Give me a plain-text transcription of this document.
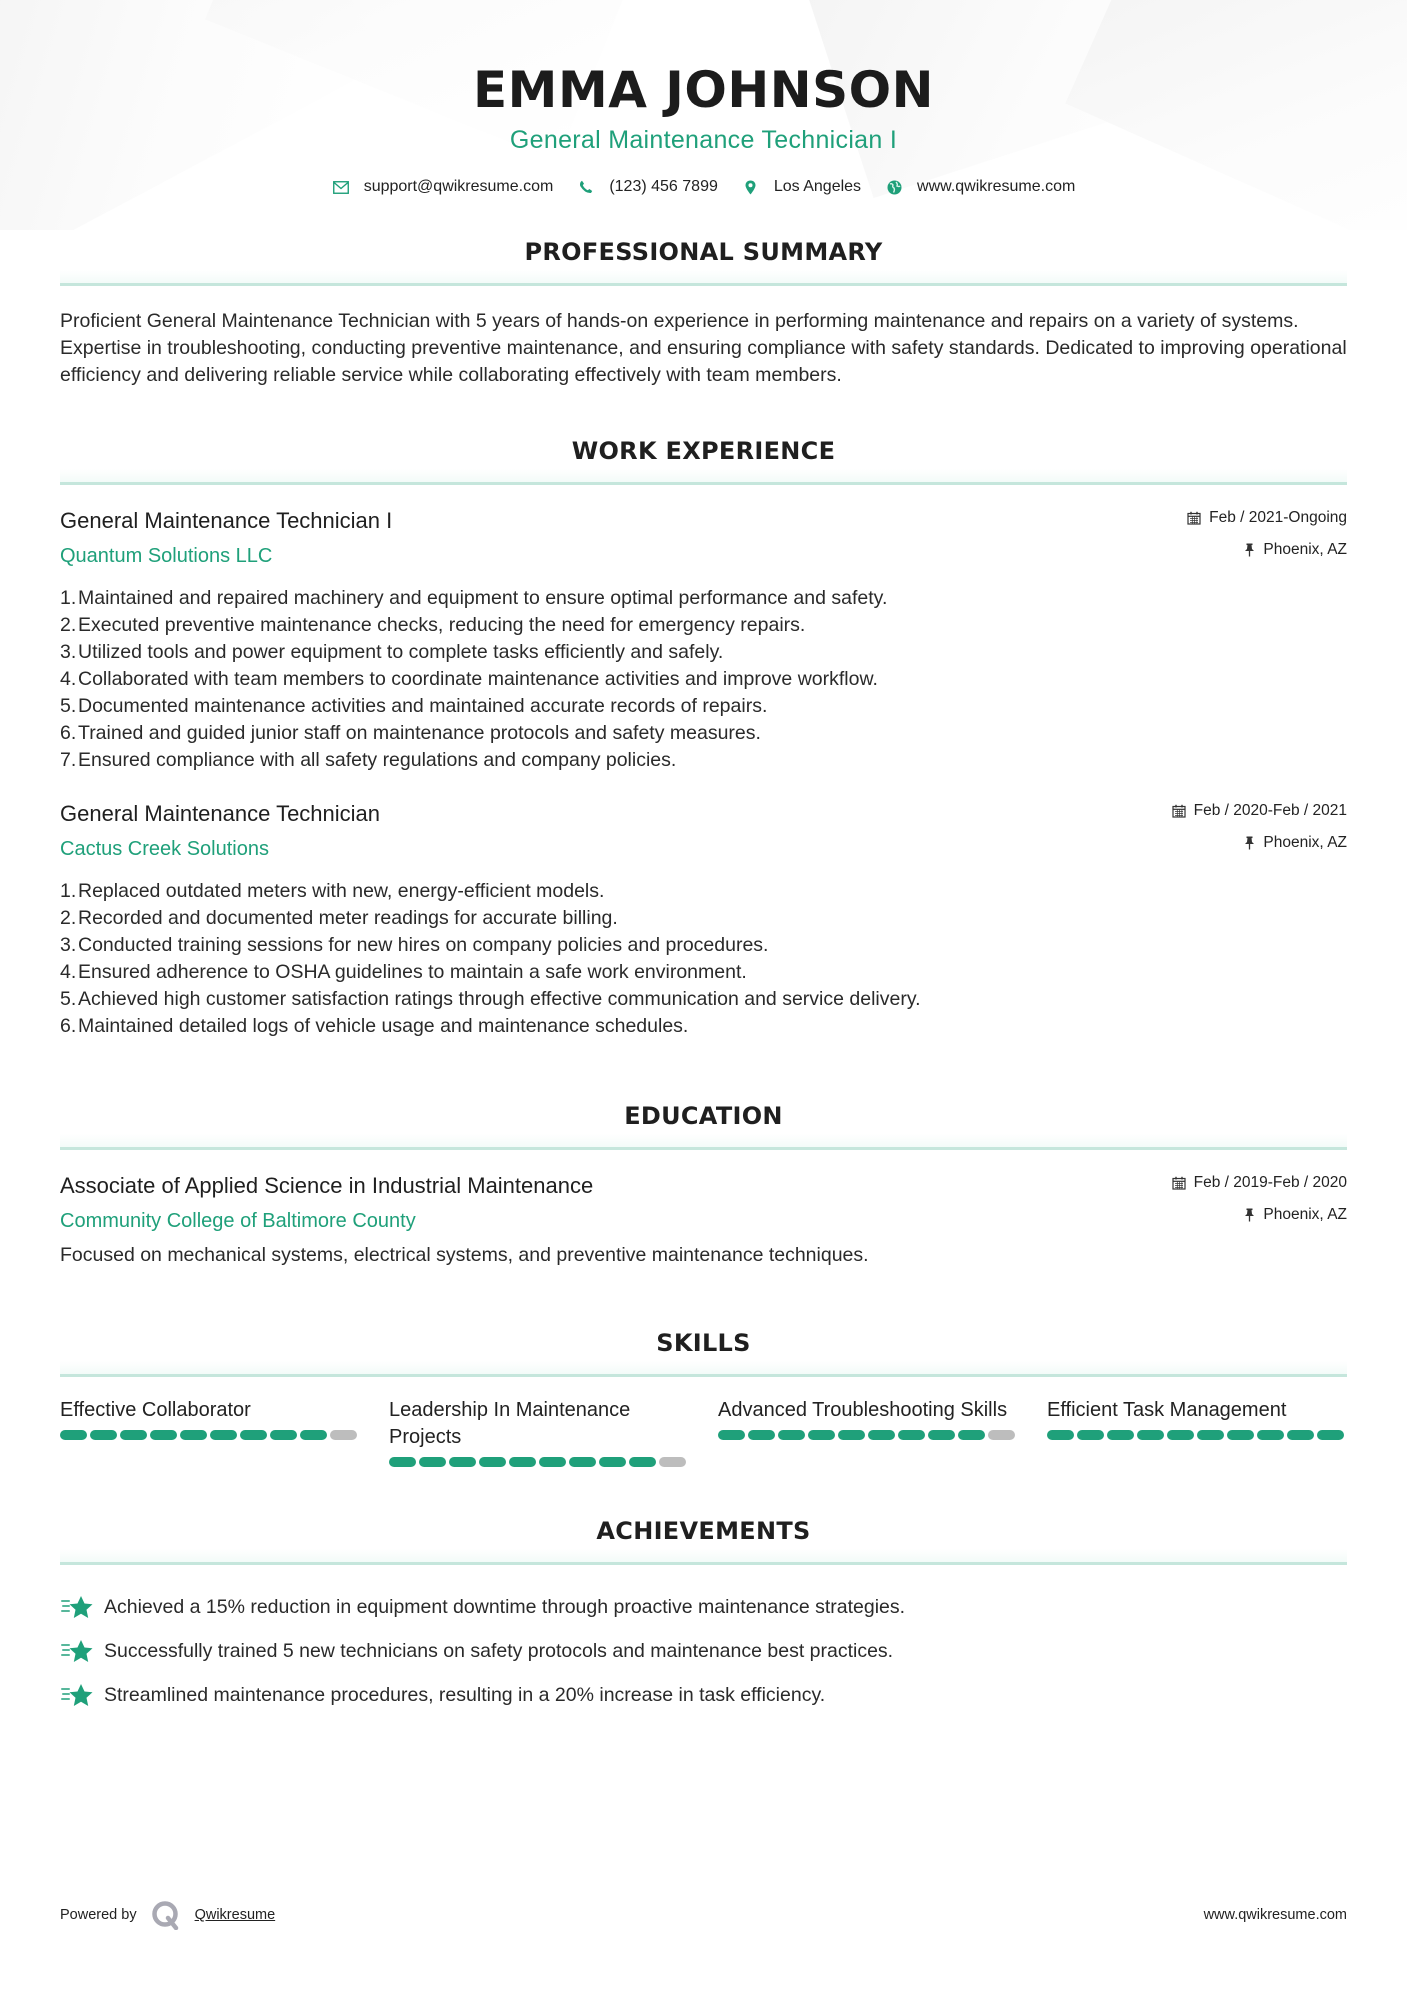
EMMA JOHNSON
General Maintenance Technician I
support@qwikresume.com	(123) 456 7899	Los Angeles	www.qwikresume.com
PROFESSIONAL SUMMARY

Proficient General Maintenance Technician with 5 years of hands-on experience in performing maintenance and repairs on a variety of systems. Expertise in troubleshooting, conducting preventive maintenance, and ensuring compliance with safety standards. Dedicated to improving operational efficiency and delivering reliable service while collaborating effectively with team members.

WORK EXPERIENCE
General Maintenance Technician I
Quantum Solutions LLC
Feb / 2021-Ongoing
Phoenix, AZ
1. Maintained and repaired machinery and equipment to ensure optimal performance and safety.
2. Executed preventive maintenance checks, reducing the need for emergency repairs.
3. Utilized tools and power equipment to complete tasks efficiently and safely.
4. Collaborated with team members to coordinate maintenance activities and improve workflow.
5. Documented maintenance activities and maintained accurate records of repairs.
6. Trained and guided junior staff on maintenance protocols and safety measures.
7. Ensured compliance with all safety regulations and company policies.
General Maintenance Technician
Cactus Creek Solutions
Feb / 2020-Feb / 2021
Phoenix, AZ
1. Replaced outdated meters with new, energy-efficient models.
2. Recorded and documented meter readings for accurate billing.
3. Conducted training sessions for new hires on company policies and procedures.
4. Ensured adherence to OSHA guidelines to maintain a safe work environment.
5. Achieved high customer satisfaction ratings through effective communication and service delivery.
6. Maintained detailed logs of vehicle usage and maintenance schedules.
EDUCATION
Associate of Applied Science in Industrial Maintenance
Community College of Baltimore County
Feb / 2019-Feb / 2020
Phoenix, AZ

Focused on mechanical systems, electrical systems, and preventive maintenance techniques.

SKILLS
Effective Collaborator	Leadership In Maintenance Projects
Advanced Troubleshooting Skills	Efficient Task Management
ACHIEVEMENTS
Achieved a 15% reduction in equipment downtime through proactive maintenance strategies.
Successfully trained 5 new technicians on safety protocols and maintenance best practices.
Streamlined maintenance procedures, resulting in a 20% increase in task efficiency.
Powered by	Qwikresume	www.qwikresume.com
